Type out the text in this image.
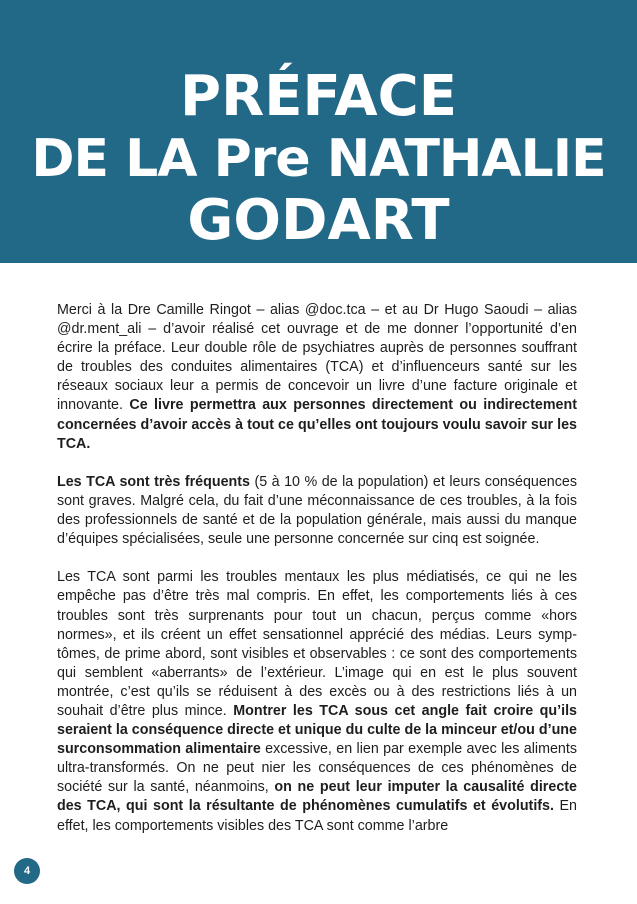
PRÉFACE
DE LA Pre NATHALIE
GODART

Merci à la Dre Camille Ringot – alias @doc.tca – et au Dr Hugo Saoudi – alias @dr.ment_ali – d’avoir réalisé cet ouvrage et de me donner l’opportunité d’en écrire la préface. Leur double rôle de psychiatres auprès de personnes souffrant de troubles des conduites alimentaires (TCA) et d’influenceurs santé sur les réseaux sociaux leur a permis de concevoir un livre d’une facture originale et innovante. Ce livre permettra aux personnes directement ou indirectement concernées d’avoir accès à tout ce qu’elles ont toujours voulu savoir sur les TCA.

Les TCA sont très fréquents (5 à 10 % de la population) et leurs conséquences sont graves. Malgré cela, du fait d’une méconnaissance de ces troubles, à la fois des professionnels de santé et de la population générale, mais aussi du manque d’équipes spécialisées, seule une personne concernée sur cinq est soignée.

Les TCA sont parmi les troubles mentaux les plus médiatisés, ce qui ne les empêche pas d’être très mal compris. En effet, les comportements liés à ces troubles sont très surprenants pour tout un chacun, perçus comme «hors normes», et ils créent un effet sensationnel apprécié des médias. Leurs symptômes, de prime abord, sont visibles et observables : ce sont des comportements qui semblent «aberrants» de l’extérieur. L’image qui en est le plus souvent montrée, c’est qu’ils se réduisent à des excès ou à des restrictions liés à un souhait d’être plus mince. Montrer les TCA sous cet angle fait croire qu’ils seraient la conséquence directe et unique du culte de la minceur et/ou d’une surconsommation alimentaire excessive, en lien par exemple avec les aliments ultra-transformés. On ne peut nier les conséquences de ces phénomènes de société sur la santé, néanmoins, on ne peut leur imputer la causalité directe des TCA, qui sont la résultante de phénomènes cumulatifs et évolutifs. En effet, les comportements visibles des TCA sont comme l’arbre

4
